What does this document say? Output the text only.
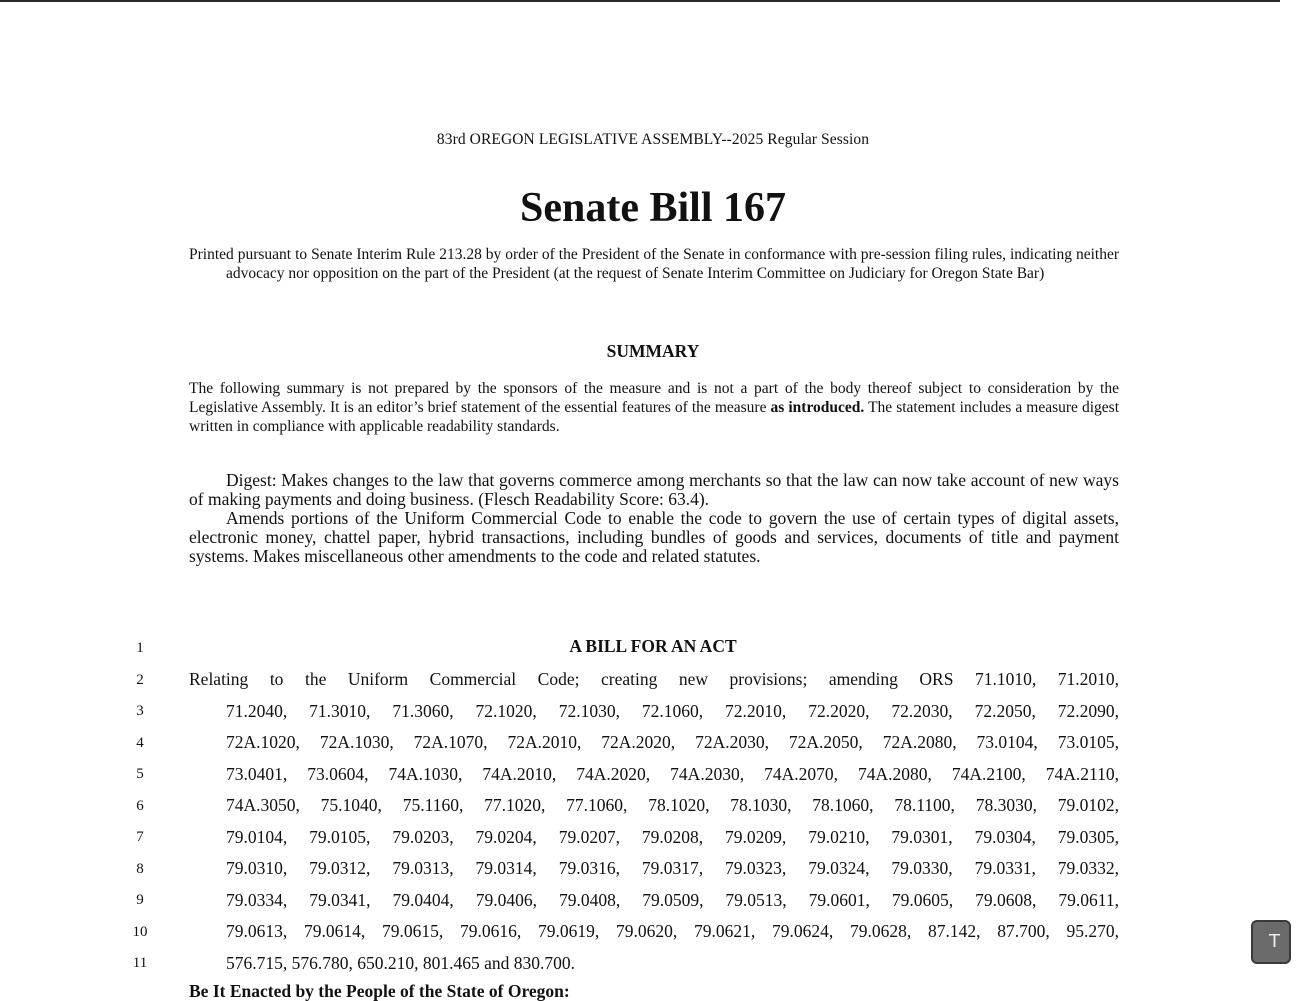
83rd OREGON LEGISLATIVE ASSEMBLY--2025 Regular Session
Senate Bill 167
Printed pursuant to Senate Interim Rule 213.28 by order of the President of the Senate in conformance with pre-session filing rules, indicating neither advocacy nor opposition on the part of the President (at the request of Senate Interim Committee on Judiciary for Oregon State Bar)
SUMMARY
The following summary is not prepared by the sponsors of the measure and is not a part of the body thereof subject to consideration by the Legislative Assembly. It is an editor’s brief statement of the essential features of the measure as introduced. The statement includes a measure digest written in compliance with applicable readability standards.

Digest: Makes changes to the law that governs commerce among merchants so that the law can now take account of new ways of making payments and doing business. (Flesch Readability Score: 63.4).

Amends portions of the Uniform Commercial Code to enable the code to govern the use of certain types of digital assets, electronic money, chattel paper, hybrid transactions, including bundles of goods and services, documents of title and payment systems. Makes miscellaneous other amendments to the code and related statutes.

A BILL FOR AN ACT
1
2
3
4
5
6
7
8
9
10
11
Relating to the Uniform Commercial Code; creating new provisions; amending ORS 71.1010, 71.2010,
71.2040, 71.3010, 71.3060, 72.1020, 72.1030, 72.1060, 72.2010, 72.2020, 72.2030, 72.2050, 72.2090,
72A.1020, 72A.1030, 72A.1070, 72A.2010, 72A.2020, 72A.2030, 72A.2050, 72A.2080, 73.0104, 73.0105,
73.0401, 73.0604, 74A.1030, 74A.2010, 74A.2020, 74A.2030, 74A.2070, 74A.2080, 74A.2100, 74A.2110,
74A.3050, 75.1040, 75.1160, 77.1020, 77.1060, 78.1020, 78.1030, 78.1060, 78.1100, 78.3030, 79.0102,
79.0104, 79.0105, 79.0203, 79.0204, 79.0207, 79.0208, 79.0209, 79.0210, 79.0301, 79.0304, 79.0305,
79.0310, 79.0312, 79.0313, 79.0314, 79.0316, 79.0317, 79.0323, 79.0324, 79.0330, 79.0331, 79.0332,
79.0334, 79.0341, 79.0404, 79.0406, 79.0408, 79.0509, 79.0513, 79.0601, 79.0605, 79.0608, 79.0611,
79.0613, 79.0614, 79.0615, 79.0616, 79.0619, 79.0620, 79.0621, 79.0624, 79.0628, 87.142, 87.700, 95.270,
576.715, 576.780, 650.210, 801.465 and 830.700.
Be It Enacted by the People of the State of Oregon:
T
